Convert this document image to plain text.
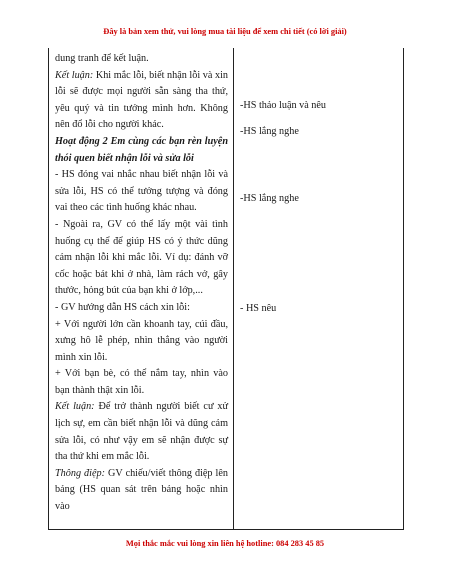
Đây là bản xem thử, vui lòng mua tài liệu để xem chi tiết (có lời giải)

dung tranh để kết luận.

Kết luận: Khi mắc lỗi, biết nhận lỗi và xin lỗi sẽ được mọi người sẵn sàng tha thứ, yêu quý và tin tưởng mình hơn. Không nên đổ lỗi cho người khác.

Hoạt động 2 Em cùng các bạn rèn luyện thói quen biết nhận lỗi và sửa lỗi

- HS đóng vai nhắc nhau biết nhận lỗi và sửa lỗi, HS có thể tưởng tượng và đóng vai theo các tình huống khác nhau.

- Ngoài ra, GV có thể lấy một vài tình huống cụ thể để giúp HS có ý thức dũng cảm nhận lỗi khi mắc lỗi. Ví dụ: đánh vỡ cốc hoặc bát khi ở nhà, làm rách vở, gây thước, hỏng bút của bạn khi ở lớp,...

- GV hướng dẫn HS cách xin lỗi:

+ Với người lớn cần khoanh tay, cúi đầu, xưng hô lễ phép, nhìn thẳng vào người mình xin lỗi.

+ Với bạn bè, có thể nắm tay, nhìn vào bạn thành thật xin lỗi.

Kết luận: Để trở thành người biết cư xử lịch sự, em cần biết nhận lỗi và dũng cảm sửa lỗi, có như vậy em sẽ nhận được sự tha thứ khi em mắc lỗi.

Thông điệp: GV chiếu/viết thông điệp lên bảng (HS quan sát trên bảng hoặc nhìn vào

-HS thảo luận và nêu
-HS lắng nghe
-HS lắng nghe
- HS nêu
Mọi thắc mắc vui lòng xin liên hệ hotline: 084 283 45 85
